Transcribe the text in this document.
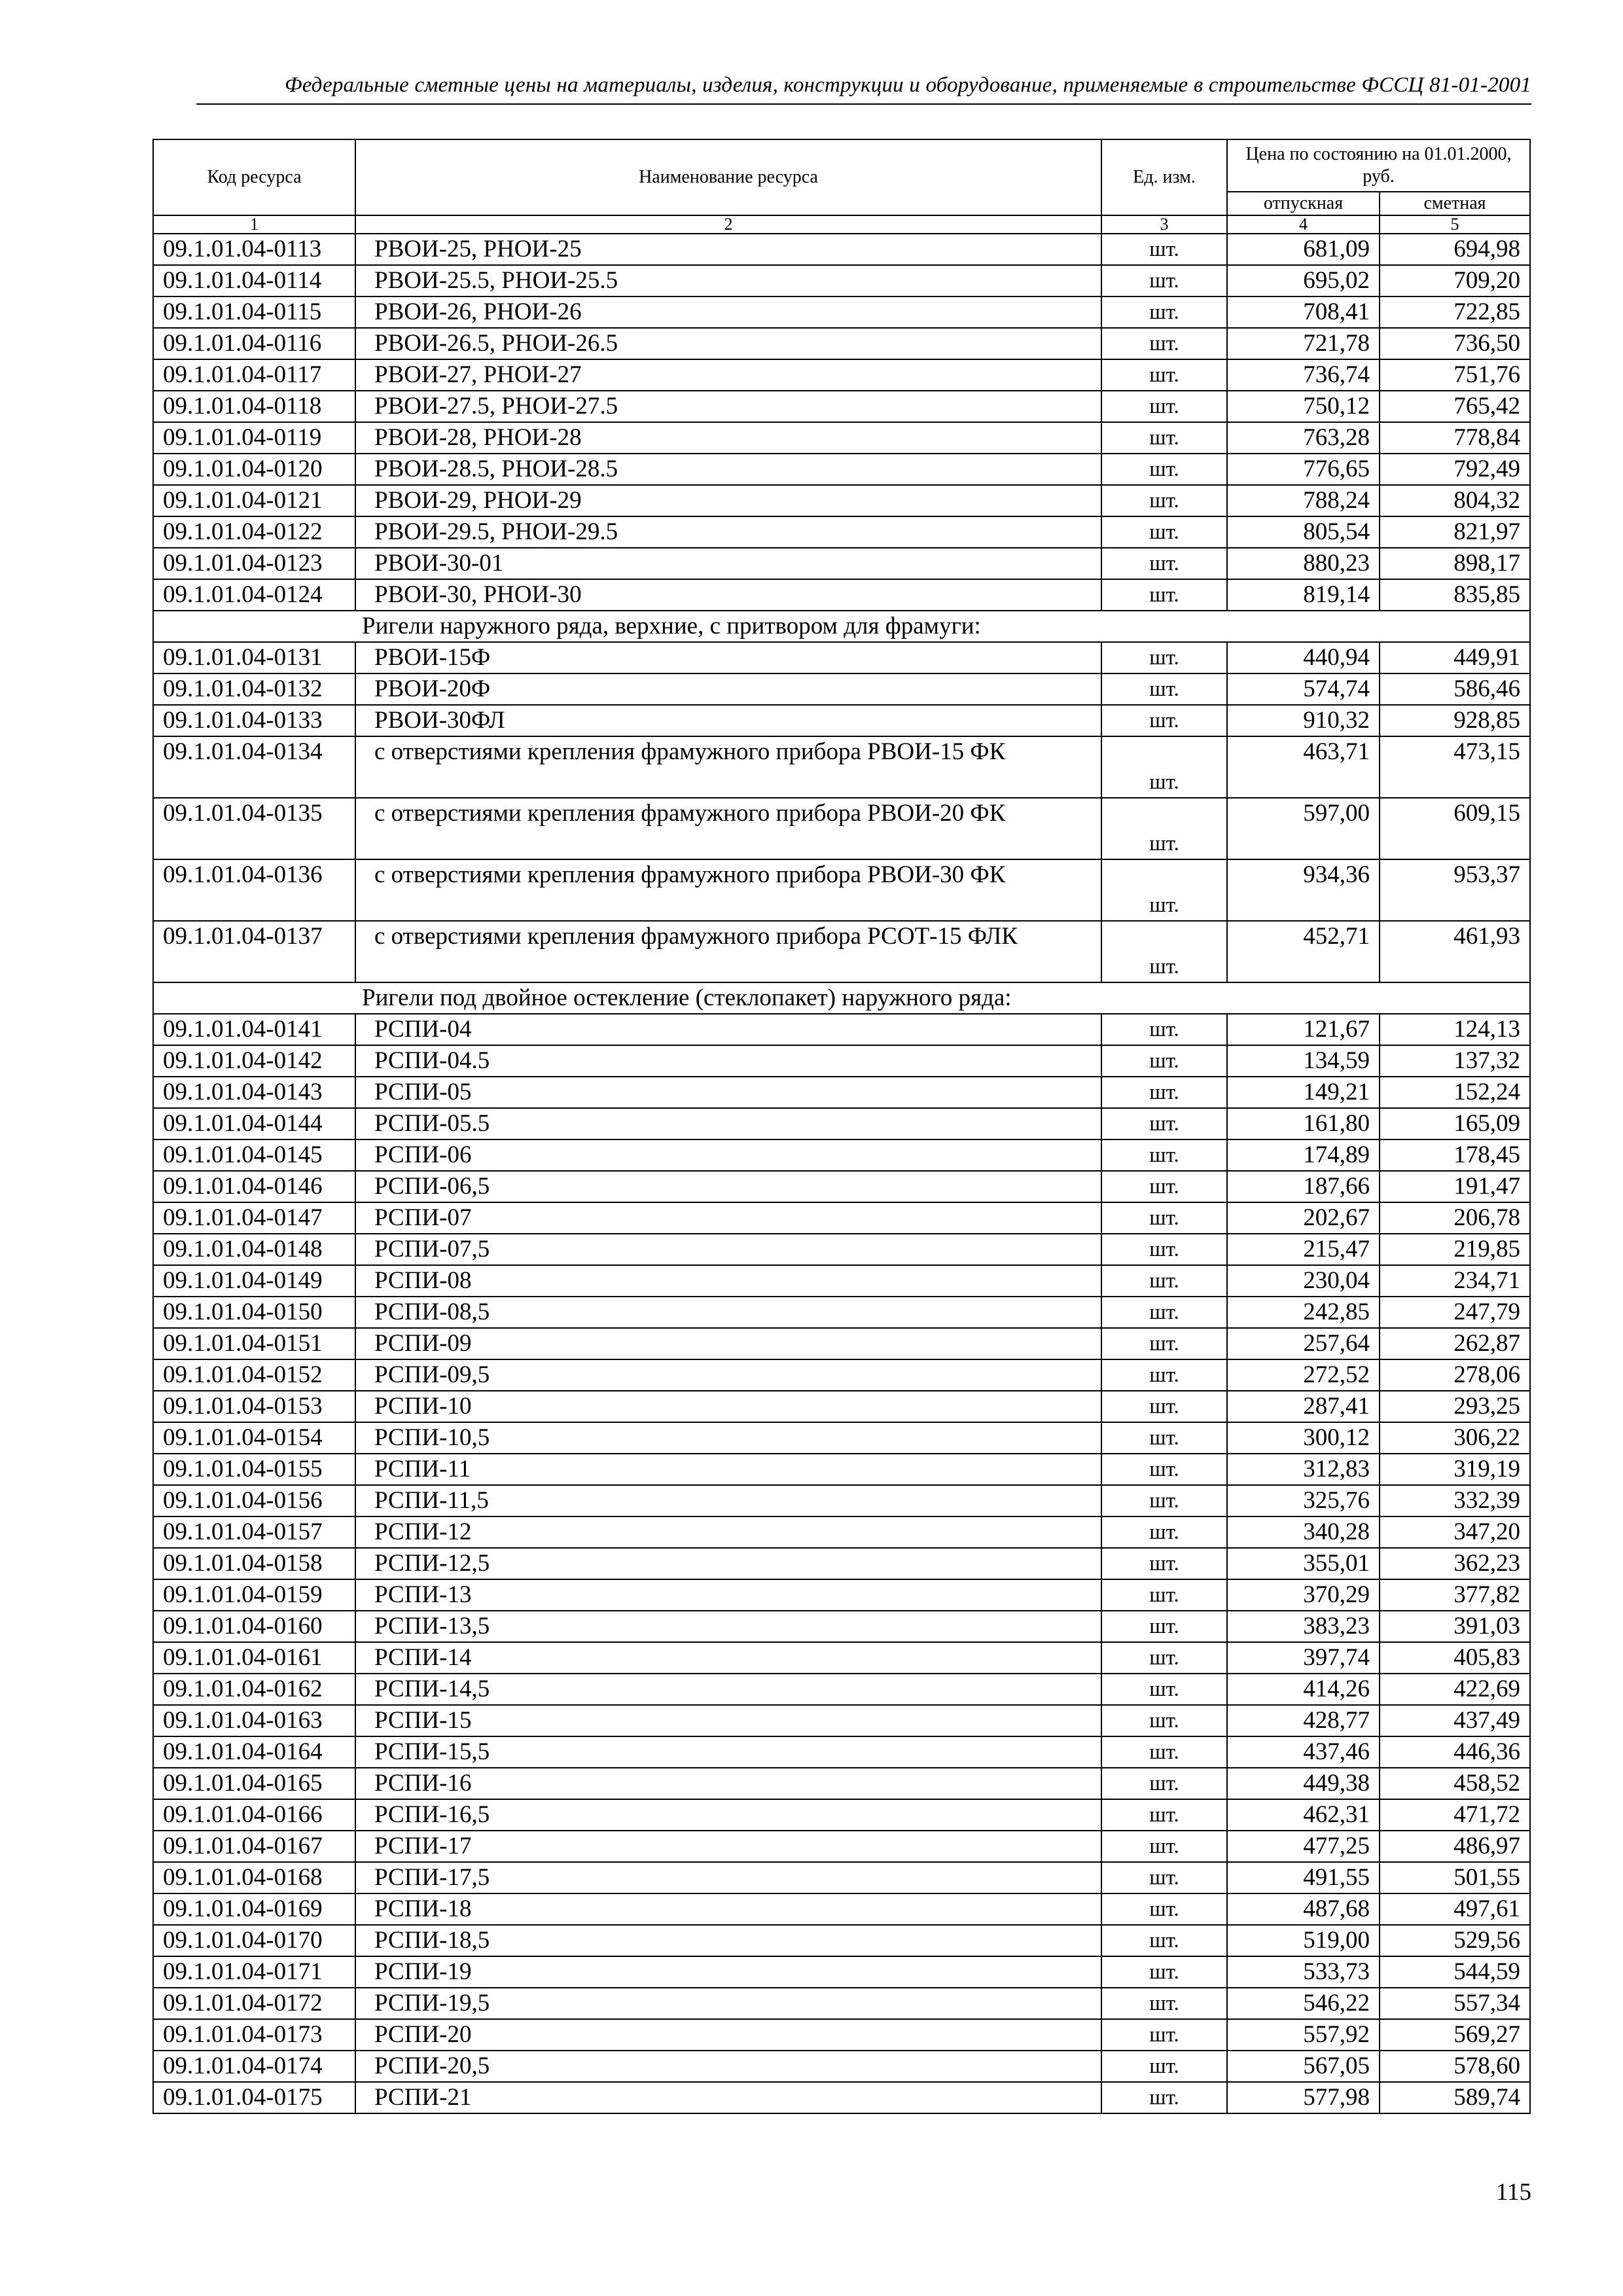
Федеральные сметные цены на материалы, изделия, конструкции и оборудование, применяемые в строительстве ФССЦ 81-01-2001
Код ресурса	Наименование ресурса	Ед. изм.	Цена по состоянию на 01.01.2000, руб.	
			отпускная	сметная
1	2	3	4	5
09.1.01.04-0113	РВОИ-25, РНОИ-25	шт.	681,09	694,98
09.1.01.04-0114	РВОИ-25.5, РНОИ-25.5	шт.	695,02	709,20
09.1.01.04-0115	РВОИ-26, РНОИ-26	шт.	708,41	722,85
09.1.01.04-0116	РВОИ-26.5, РНОИ-26.5	шт.	721,78	736,50
09.1.01.04-0117	РВОИ-27, РНОИ-27	шт.	736,74	751,76
09.1.01.04-0118	РВОИ-27.5, РНОИ-27.5	шт.	750,12	765,42
09.1.01.04-0119	РВОИ-28, РНОИ-28	шт.	763,28	778,84
09.1.01.04-0120	РВОИ-28.5, РНОИ-28.5	шт.	776,65	792,49
09.1.01.04-0121	РВОИ-29, РНОИ-29	шт.	788,24	804,32
09.1.01.04-0122	РВОИ-29.5, РНОИ-29.5	шт.	805,54	821,97
09.1.01.04-0123	РВОИ-30-01	шт.	880,23	898,17
09.1.01.04-0124	РВОИ-30, РНОИ-30	шт.	819,14	835,85
	Ригели наружного ряда, верхние, с притвором для фрамуги:			
09.1.01.04-0131	РВОИ-15Ф	шт.	440,94	449,91
09.1.01.04-0132	РВОИ-20Ф	шт.	574,74	586,46
09.1.01.04-0133	РВОИ-30ФЛ	шт.	910,32	928,85
09.1.01.04-0134	с отверстиями крепления фрамужного прибора РВОИ-15 ФК	шт.	463,71	473,15
09.1.01.04-0135	с отверстиями крепления фрамужного прибора РВОИ-20 ФК	шт.	597,00	609,15
09.1.01.04-0136	с отверстиями крепления фрамужного прибора РВОИ-30 ФК	шт.	934,36	953,37
09.1.01.04-0137	с отверстиями крепления фрамужного прибора РСОТ-15 ФЛК	шт.	452,71	461,93
	Ригели под двойное остекление (стеклопакет) наружного ряда:			
09.1.01.04-0141	РСПИ-04	шт.	121,67	124,13
09.1.01.04-0142	РСПИ-04.5	шт.	134,59	137,32
09.1.01.04-0143	РСПИ-05	шт.	149,21	152,24
09.1.01.04-0144	РСПИ-05.5	шт.	161,80	165,09
09.1.01.04-0145	РСПИ-06	шт.	174,89	178,45
09.1.01.04-0146	РСПИ-06,5	шт.	187,66	191,47
09.1.01.04-0147	РСПИ-07	шт.	202,67	206,78
09.1.01.04-0148	РСПИ-07,5	шт.	215,47	219,85
09.1.01.04-0149	РСПИ-08	шт.	230,04	234,71
09.1.01.04-0150	РСПИ-08,5	шт.	242,85	247,79
09.1.01.04-0151	РСПИ-09	шт.	257,64	262,87
09.1.01.04-0152	РСПИ-09,5	шт.	272,52	278,06
09.1.01.04-0153	РСПИ-10	шт.	287,41	293,25
09.1.01.04-0154	РСПИ-10,5	шт.	300,12	306,22
09.1.01.04-0155	РСПИ-11	шт.	312,83	319,19
09.1.01.04-0156	РСПИ-11,5	шт.	325,76	332,39
09.1.01.04-0157	РСПИ-12	шт.	340,28	347,20
09.1.01.04-0158	РСПИ-12,5	шт.	355,01	362,23
09.1.01.04-0159	РСПИ-13	шт.	370,29	377,82
09.1.01.04-0160	РСПИ-13,5	шт.	383,23	391,03
09.1.01.04-0161	РСПИ-14	шт.	397,74	405,83
09.1.01.04-0162	РСПИ-14,5	шт.	414,26	422,69
09.1.01.04-0163	РСПИ-15	шт.	428,77	437,49
09.1.01.04-0164	РСПИ-15,5	шт.	437,46	446,36
09.1.01.04-0165	РСПИ-16	шт.	449,38	458,52
09.1.01.04-0166	РСПИ-16,5	шт.	462,31	471,72
09.1.01.04-0167	РСПИ-17	шт.	477,25	486,97
09.1.01.04-0168	РСПИ-17,5	шт.	491,55	501,55
09.1.01.04-0169	РСПИ-18	шт.	487,68	497,61
09.1.01.04-0170	РСПИ-18,5	шт.	519,00	529,56
09.1.01.04-0171	РСПИ-19	шт.	533,73	544,59
09.1.01.04-0172	РСПИ-19,5	шт.	546,22	557,34
09.1.01.04-0173	РСПИ-20	шт.	557,92	569,27
09.1.01.04-0174	РСПИ-20,5	шт.	567,05	578,60
09.1.01.04-0175	РСПИ-21	шт.	577,98	589,74
115
